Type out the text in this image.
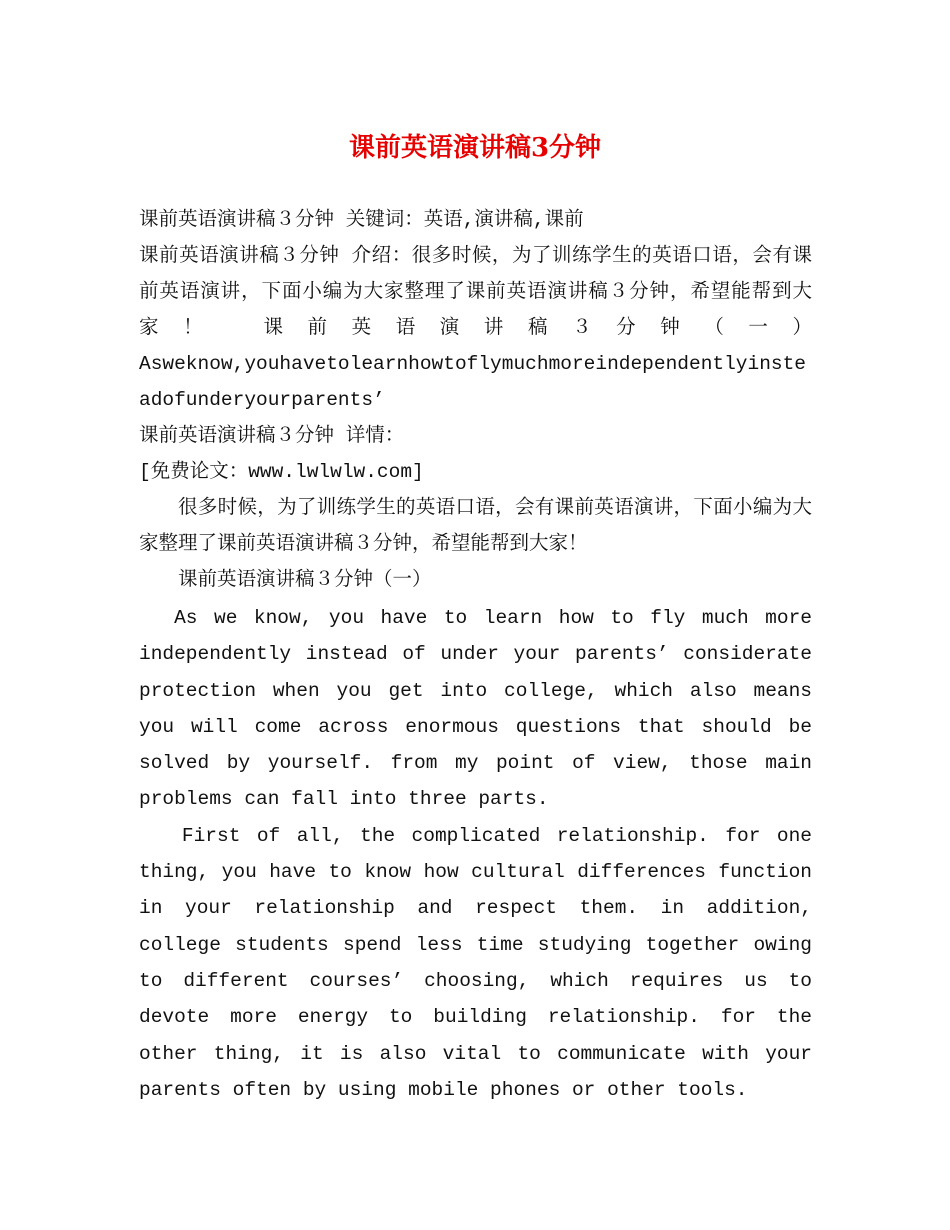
课前英语演讲稿3分钟

课前英语演讲稿３分钟 关键词：英语,演讲稿,课前

课前英语演讲稿３分钟 介绍：很多时候，为了训练学生的英语口语，会有课前英语演讲，下面小编为大家整理了课前英语演讲稿３分钟，希望能帮到大家！ 课前英语演讲稿３分钟（一）

Asweknow,youhavetolearnhowtoflymuchmoreindependentlyinsteadofunderyourparents’

课前英语演讲稿３分钟 详情：

[免费论文：www.lwlwlw.com]

很多时候，为了训练学生的英语口语，会有课前英语演讲，下面小编为大家整理了课前英语演讲稿３分钟，希望能帮到大家！

课前英语演讲稿３分钟（一）

As we know, you have to learn how to fly much more independently instead of under your parents’ considerate protection when you get into college, which also means you will come across enormous questions that should be solved by yourself. from my point of view, those main problems can fall into three parts.

First of all, the complicated relationship. for one thing, you have to know how cultural differences function in your relationship and respect them. in addition, college students spend less time studying together owing to different courses’ choosing, which requires us to devote more energy to building relationship. for the other thing, it is also vital to communicate with your parents often by using mobile phones or other tools.
